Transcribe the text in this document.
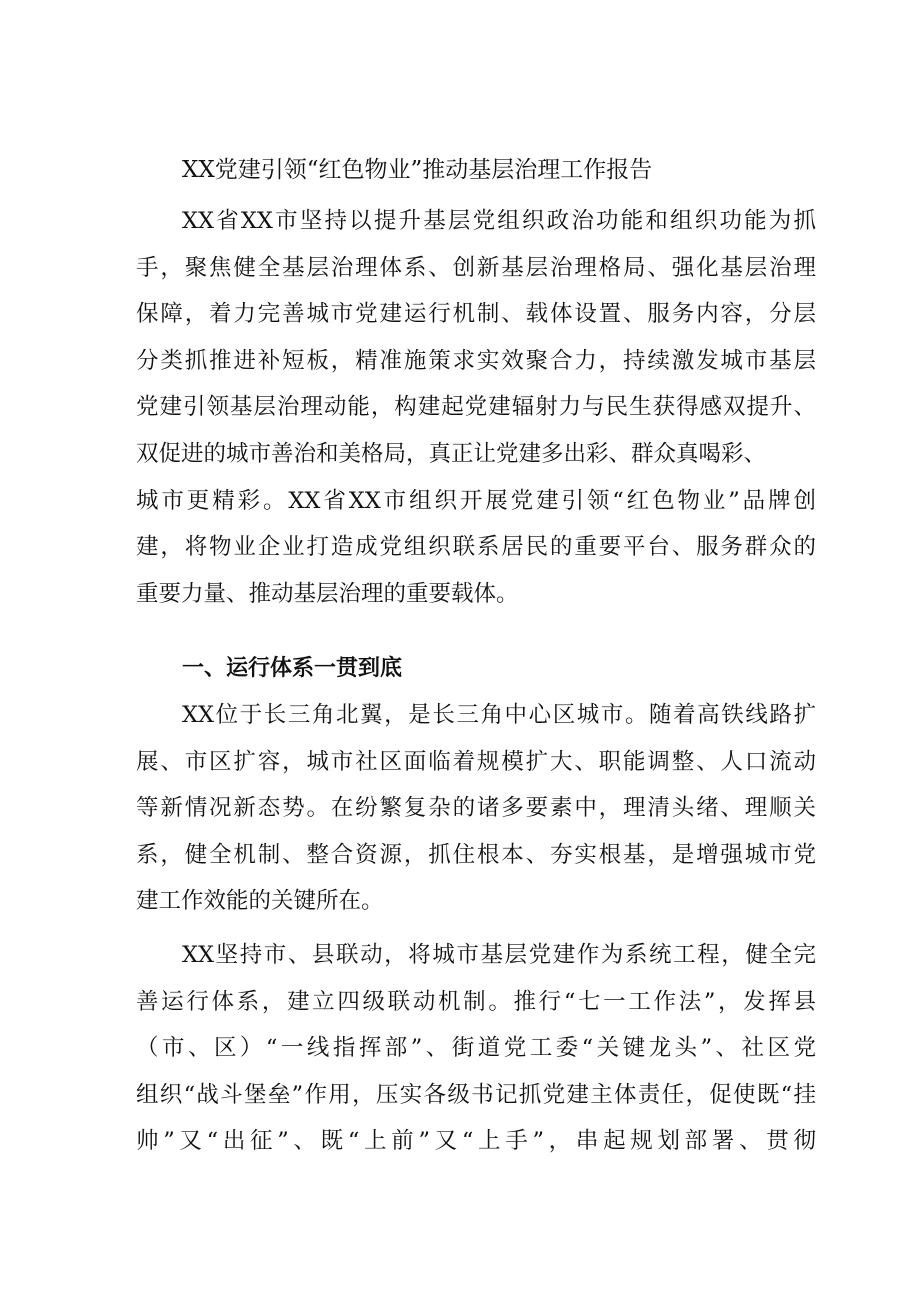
XX党建引领“红色物业”推动基层治理工作报告
XX省XX市坚持以提升基层党组织政治功能和组织功能为抓
手，聚焦健全基层治理体系、创新基层治理格局、强化基层治理
保障，着力完善城市党建运行机制、载体设置、服务内容，分层
分类抓推进补短板，精准施策求实效聚合力，持续激发城市基层
党建引领基层治理动能，构建起党建辐射力与民生获得感双提升、
双促进的城市善治和美格局，真正让党建多出彩、群众真喝彩、
城市更精彩。XX省XX市组织开展党建引领“红色物业”品牌创
建，将物业企业打造成党组织联系居民的重要平台、服务群众的
重要力量、推动基层治理的重要载体。
一、运行体系一贯到底
XX位于长三角北翼，是长三角中心区城市。随着高铁线路扩
展、市区扩容，城市社区面临着规模扩大、职能调整、人口流动
等新情况新态势。在纷繁复杂的诸多要素中，理清头绪、理顺关
系，健全机制、整合资源，抓住根本、夯实根基，是增强城市党
建工作效能的关键所在。
XX坚持市、县联动，将城市基层党建作为系统工程，健全完
善运行体系，建立四级联动机制。推行“七一工作法”，发挥县
（市、区）“一线指挥部”、街道党工委“关键龙头”、社区党
组织“战斗堡垒”作用，压实各级书记抓党建主体责任，促使既“挂
帅”又“出征”、既“上前”又“上手”，串起规划部署、贯彻
